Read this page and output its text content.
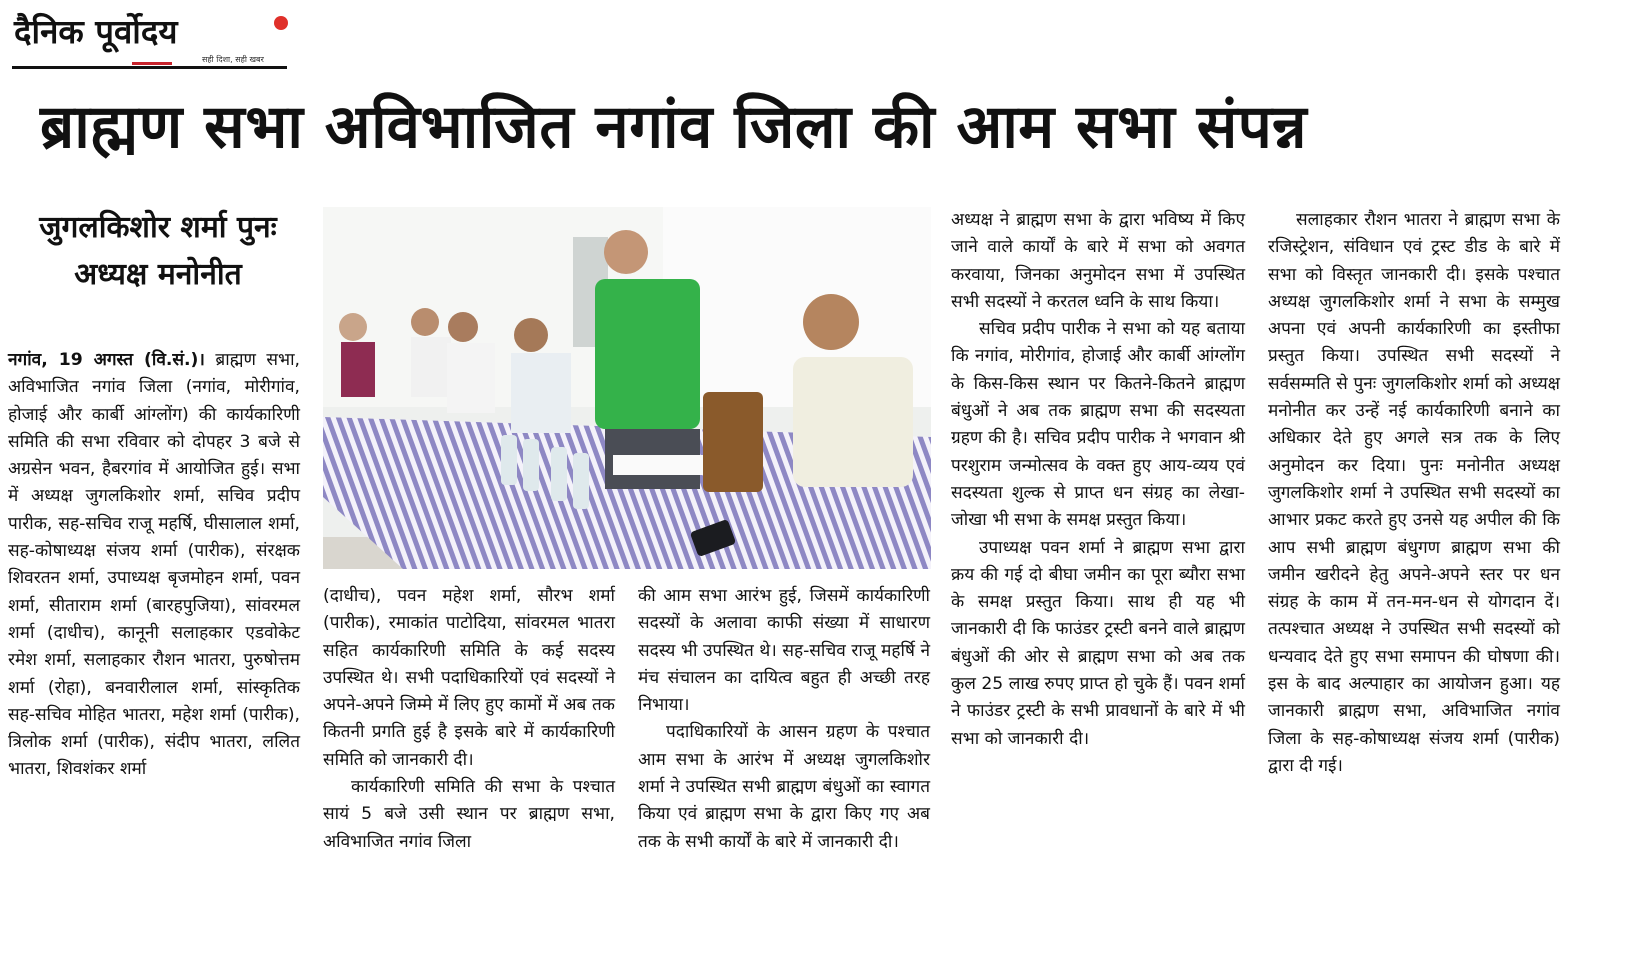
दैनिक पूर्वोदय
सही दिशा, सही खबर
ब्राह्मण सभा अविभाजित नगांव जिला की आम सभा संपन्न
जुगलकिशोर शर्मा पुनः अध्यक्ष मनोनीत

नगांव, 19 अगस्त (वि.सं.)। ब्राह्मण सभा, अविभाजित नगांव जिला (नगांव, मोरीगांव, होजाई और कार्बी आंग्लोंग) की कार्यकारिणी समिति की सभा रविवार को दोपहर 3 बजे से अग्रसेन भवन, हैबरगांव में आयोजित हुई। सभा में अध्यक्ष जुगलकिशोर शर्मा, सचिव प्रदीप पारीक, सह-सचिव राजू महर्षि, घीसालाल शर्मा, सह-कोषाध्यक्ष संजय शर्मा (पारीक), संरक्षक शिवरतन शर्मा, उपाध्यक्ष बृजमोहन शर्मा, पवन शर्मा, सीताराम शर्मा (बारहपुजिया), सांवरमल शर्मा (दाधीच), कानूनी सलाहकार एडवोकेट रमेश शर्मा, सलाहकार रौशन भातरा, पुरुषोत्तम शर्मा (रोहा), बनवारीलाल शर्मा, सांस्कृतिक सह-सचिव मोहित भातरा, महेश शर्मा (पारीक), त्रिलोक शर्मा (पारीक), संदीप भातरा, ललित भातरा, शिवशंकर शर्मा

(दाधीच), पवन महेश शर्मा, सौरभ शर्मा (पारीक), रमाकांत पाटोदिया, सांवरमल भातरा सहित कार्यकारिणी समिति के कई सदस्य उपस्थित थे। सभी पदाधिकारियों एवं सदस्यों ने अपने-अपने जिम्मे में लिए हुए कामों में अब तक कितनी प्रगति हुई है इसके बारे में कार्यकारिणी समिति को जानकारी दी।

कार्यकारिणी समिति की सभा के पश्चात सायं 5 बजे उसी स्थान पर ब्राह्मण सभा, अविभाजित नगांव जिला

की आम सभा आरंभ हुई, जिसमें कार्यकारिणी सदस्यों के अलावा काफी संख्या में साधारण सदस्य भी उपस्थित थे। सह-सचिव राजू महर्षि ने मंच संचालन का दायित्व बहुत ही अच्छी तरह निभाया।

पदाधिकारियों के आसन ग्रहण के पश्चात आम सभा के आरंभ में अध्यक्ष जुगलकिशोर शर्मा ने उपस्थित सभी ब्राह्मण बंधुओं का स्वागत किया एवं ब्राह्मण सभा के द्वारा किए गए अब तक के सभी कार्यों के बारे में जानकारी दी।

अध्यक्ष ने ब्राह्मण सभा के द्वारा भविष्य में किए जाने वाले कार्यों के बारे में सभा को अवगत करवाया, जिनका अनुमोदन सभा में उपस्थित सभी सदस्यों ने करतल ध्वनि के साथ किया।

सचिव प्रदीप पारीक ने सभा को यह बताया कि नगांव, मोरीगांव, होजाई और कार्बी आंग्लोंग के किस-किस स्थान पर कितने-कितने ब्राह्मण बंधुओं ने अब तक ब्राह्मण सभा की सदस्यता ग्रहण की है। सचिव प्रदीप पारीक ने भगवान श्री परशुराम जन्मोत्सव के वक्त हुए आय-व्यय एवं सदस्यता शुल्क से प्राप्त धन संग्रह का लेखा-जोखा भी सभा के समक्ष प्रस्तुत किया।

उपाध्यक्ष पवन शर्मा ने ब्राह्मण सभा द्वारा क्रय की गई दो बीघा जमीन का पूरा ब्यौरा सभा के समक्ष प्रस्तुत किया। साथ ही यह भी जानकारी दी कि फाउंडर ट्रस्टी बनने वाले ब्राह्मण बंधुओं की ओर से ब्राह्मण सभा को अब तक कुल 25 लाख रुपए प्राप्त हो चुके हैं। पवन शर्मा ने फाउंडर ट्रस्टी के सभी प्रावधानों के बारे में भी सभा को जानकारी दी।

सलाहकार रौशन भातरा ने ब्राह्मण सभा के रजिस्ट्रेशन, संविधान एवं ट्रस्ट डीड के बारे में सभा को विस्तृत जानकारी दी। इसके पश्चात अध्यक्ष जुगलकिशोर शर्मा ने सभा के सम्मुख अपना एवं अपनी कार्यकारिणी का इस्तीफा प्रस्तुत किया। उपस्थित सभी सदस्यों ने सर्वसम्मति से पुनः जुगलकिशोर शर्मा को अध्यक्ष मनोनीत कर उन्हें नई कार्यकारिणी बनाने का अधिकार देते हुए अगले सत्र तक के लिए अनुमोदन कर दिया। पुनः मनोनीत अध्यक्ष जुगलकिशोर शर्मा ने उपस्थित सभी सदस्यों का आभार प्रकट करते हुए उनसे यह अपील की कि आप सभी ब्राह्मण बंधुगण ब्राह्मण सभा की जमीन खरीदने हेतु अपने-अपने स्तर पर धन संग्रह के काम में तन-मन-धन से योगदान दें। तत्पश्चात अध्यक्ष ने उपस्थित सभी सदस्यों को धन्यवाद देते हुए सभा समापन की घोषणा की। इस के बाद अल्पाहार का आयोजन हुआ। यह जानकारी ब्राह्मण सभा, अविभाजित नगांव जिला के सह-कोषाध्यक्ष संजय शर्मा (पारीक) द्वारा दी गई।
